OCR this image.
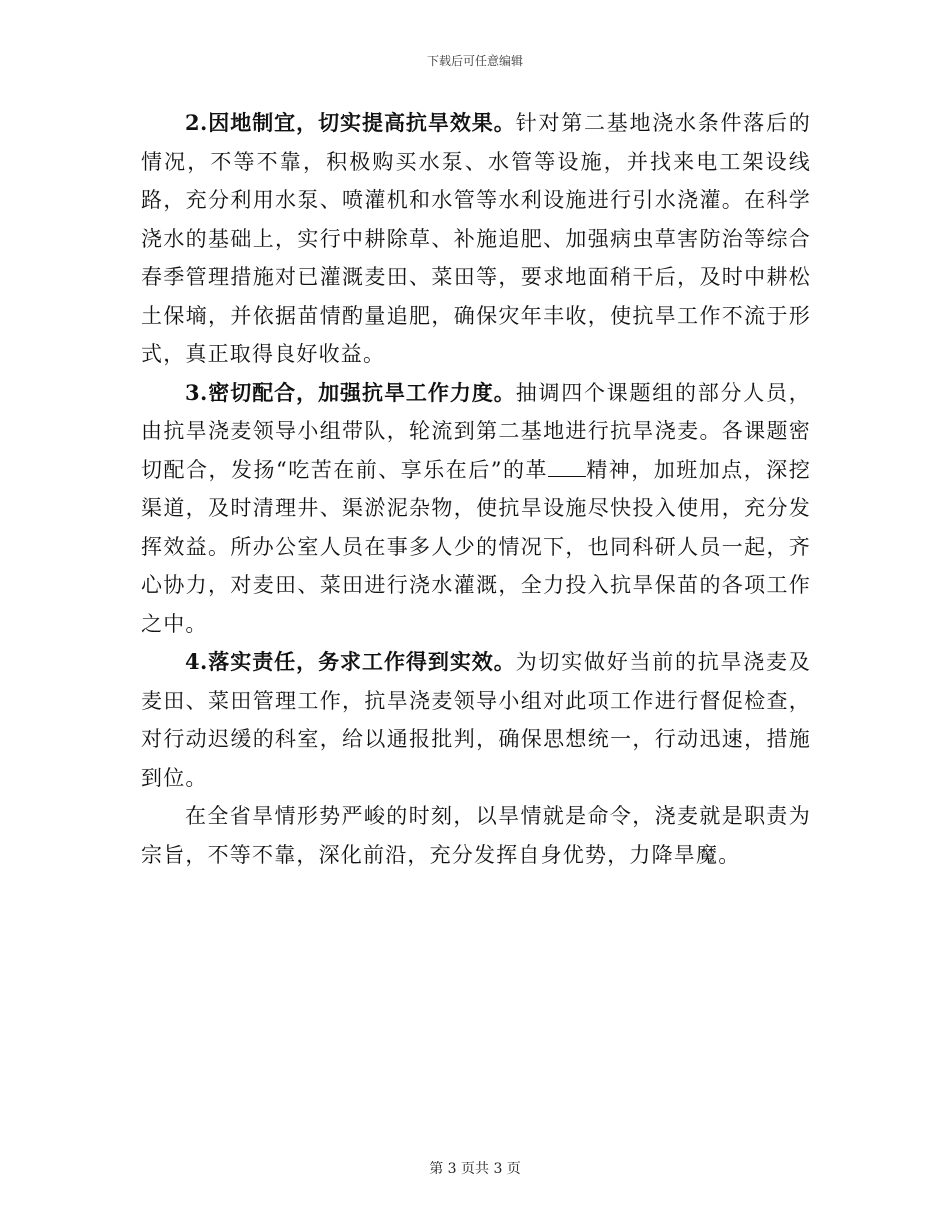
下载后可任意编辑

2.因地制宜，切实提高抗旱效果。针对第二基地浇水条件落后的情况，不等不靠，积极购买水泵、水管等设施，并找来电工架设线路，充分利用水泵、喷灌机和水管等水利设施进行引水浇灌。在科学浇水的基础上，实行中耕除草、补施追肥、加强病虫草害防治等综合春季管理措施对已灌溉麦田、菜田等，要求地面稍干后，及时中耕松土保墒，并依据苗情酌量追肥，确保灾年丰收，使抗旱工作不流于形式，真正取得良好收益。

3.密切配合，加强抗旱工作力度。抽调四个课题组的部分人员，由抗旱浇麦领导小组带队，轮流到第二基地进行抗旱浇麦。各课题密切配合，发扬“吃苦在前、享乐在后”的革 精神，加班加点，深挖渠道，及时清理井、渠淤泥杂物，使抗旱设施尽快投入使用，充分发挥效益。所办公室人员在事多人少的情况下，也同科研人员一起，齐心协力，对麦田、菜田进行浇水灌溉，全力投入抗旱保苗的各项工作之中。

4.落实责任，务求工作得到实效。为切实做好当前的抗旱浇麦及麦田、菜田管理工作，抗旱浇麦领导小组对此项工作进行督促检查，对行动迟缓的科室，给以通报批判，确保思想统一，行动迅速，措施到位。

在全省旱情形势严峻的时刻，以旱情就是命令，浇麦就是职责为宗旨，不等不靠，深化前沿，充分发挥自身优势，力降旱魔。

第 3 页共 3 页
